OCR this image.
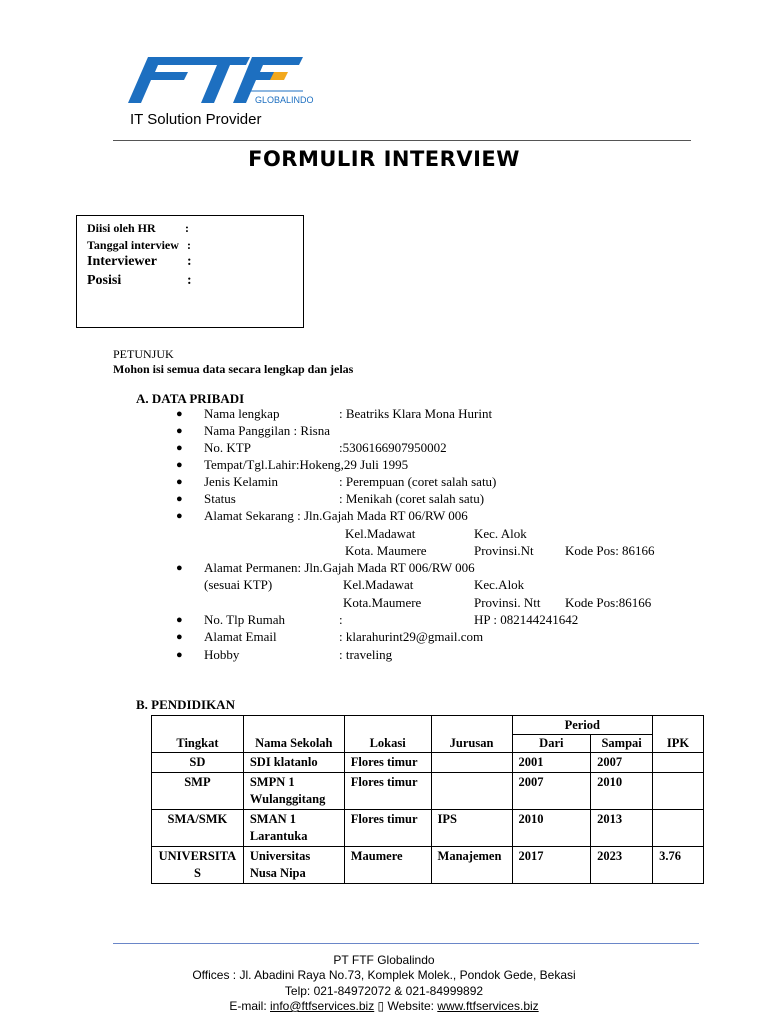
GLOBALINDO
IT Solution Provider
FORMULIR INTERVIEW
Diisi oleh HR :
Tanggal interview :
Interviewer :
Posisi	:
PETUNJUK
Mohon isi semua data secara lengkap dan jelas
A. DATA PRIBADI
● Nama lengkap	: Beatriks Klara Mona Hurint
● Nama Panggilan : Risna
● No. KTP	:5306166907950002
● Tempat/Tgl.Lahir:Hokeng,29 Juli 1995
● Jenis Kelamin	: Perempuan (coret salah satu)
● Status	: Menikah (coret salah satu)
● Alamat Sekarang : Jln.Gajah Mada RT 06/RW 006
Kel.Madawat	Kec. Alok
Kota. Maumere	Provinsi.Nt Kode Pos: 86166
● Alamat Permanen: Jln.Gajah Mada RT 006/RW 006
(sesuai KTP)	Kel.Madawat	Kec.Alok
Kota.Maumere	Provinsi. Ntt Kode Pos:86166
● No. Tlp Rumah	:	HP : 082144241642
● Alamat Email	: klarahurint29@gmail.com
● Hobby	: traveling
B. PENDIDIKAN
Tingkat	Nama Sekolah	Lokasi	Jurusan	Period		IPK
				Dari	Sampai	
SD	SDI klatanlo	Flores timur		2001	2007	
SMP	SMPN 1 Wulanggitang	Flores timur		2007	2010	
SMA/SMK	SMAN 1 Larantuka	Flores timur	IPS	2010	2013	
UNIVERSITAS	Universitas Nusa Nipa	Maumere	Manajemen	2017	2023	3.76
PT FTF Globalindo
Offices : Jl. Abadini Raya No.73, Komplek Molek., Pondok Gede, Bekasi
Telp: 021-84972072 & 021-84999892
E-mail: info@ftfservices.biz ▯ Website: www.ftfservices.biz
